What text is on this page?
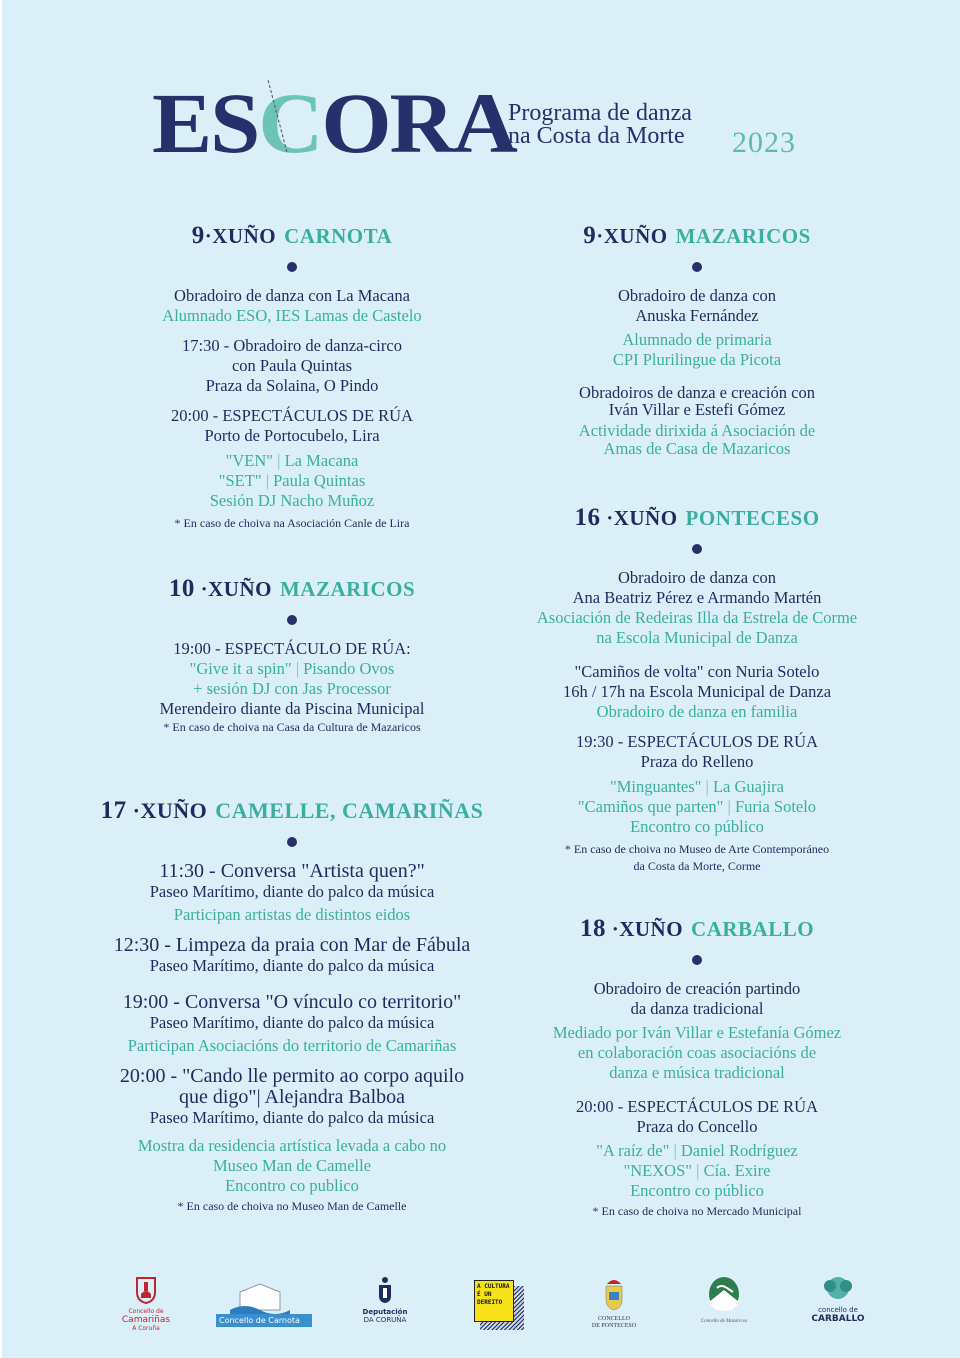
ESCORA
Programa de danza
na Costa da Morte 2023
9·XUÑO CARNOTA
Obradoiro de danza con La Macana
Alumnado ESO, IES Lamas de Castelo
17:30 - Obradoiro de danza-circo
con Paula Quintas
Praza da Solaina, O Pindo
20:00 - ESPECTÁCULOS DE RÚA
Porto de Portocubelo, Lira
"VEN" | La Macana
"SET" | Paula Quintas
Sesión DJ Nacho Muñoz
* En caso de choiva na Asociación Canle de Lira
10 ·XUÑO MAZARICOS
19:00 - ESPECTÁCULO DE RÚA:
"Give it a spin" | Pisando Ovos
+ sesión DJ con Jas Processor
Merendeiro diante da Piscina Municipal
* En caso de choiva na Casa da Cultura de Mazaricos
17 ·XUÑO CAMELLE, CAMARIÑAS
11:30 - Conversa "Artista quen?"
Paseo Marítimo, diante do palco da música
Participan artistas de distintos eidos
12:30 - Limpeza da praia con Mar de Fábula
Paseo Marítimo, diante do palco da música
19:00 - Conversa "O vínculo co territorio"
Paseo Marítimo, diante do palco da música
Participan Asociacións do territorio de Camariñas
20:00 - "Cando lle permito ao corpo aquilo
que digo"| Alejandra Balboa
Paseo Marítimo, diante do palco da música
Mostra da residencia artística levada a cabo no
Museo Man de Camelle
Encontro co publico
* En caso de choiva no Museo Man de Camelle
9·XUÑO MAZARICOS
Obradoiro de danza con
Anuska Fernández
Alumnado de primaria
CPI Plurilingue da Picota
Obradoiros de danza e creación con
Iván Villar e Estefi Gómez
Actividade dirixida á Asociación de
Amas de Casa de Mazaricos
16 ·XUÑO PONTECESO
Obradoiro de danza con
Ana Beatriz Pérez e Armando Martén
Asociación de Redeiras Illa da Estrela de Corme
na Escola Municipal de Danza
"Camiños de volta" con Nuria Sotelo
16h / 17h na Escola Municipal de Danza
Obradoiro de danza en familia
19:30 - ESPECTÁCULOS DE RÚA
Praza do Relleno
"Minguantes" | La Guajira
"Camiños que parten" | Furia Sotelo
Encontro co público
* En caso de choiva no Museo de Arte Contemporáneo
da Costa da Morte, Corme
18 ·XUÑO CARBALLO
Obradoiro de creación partindo
da danza tradicional
Mediado por Iván Villar e Estefanía Gómez
en colaboración coas asociacións de
danza e música tradicional
20:00 - ESPECTÁCULOS DE RÚA
Praza do Concello
"A raíz de" | Daniel Rodríguez
"NEXOS" | Cía. Exire
Encontro co público
* En caso de choiva no Mercado Municipal
Concello de
Camariñas
A Coruña
Concello de Carnota
Deputación
DA CORUÑA
A CULTURA
É UN DEREITO
CONCELLO
DE PONTECESO
Concello de Mazaricos
concello de
CARBALLO
